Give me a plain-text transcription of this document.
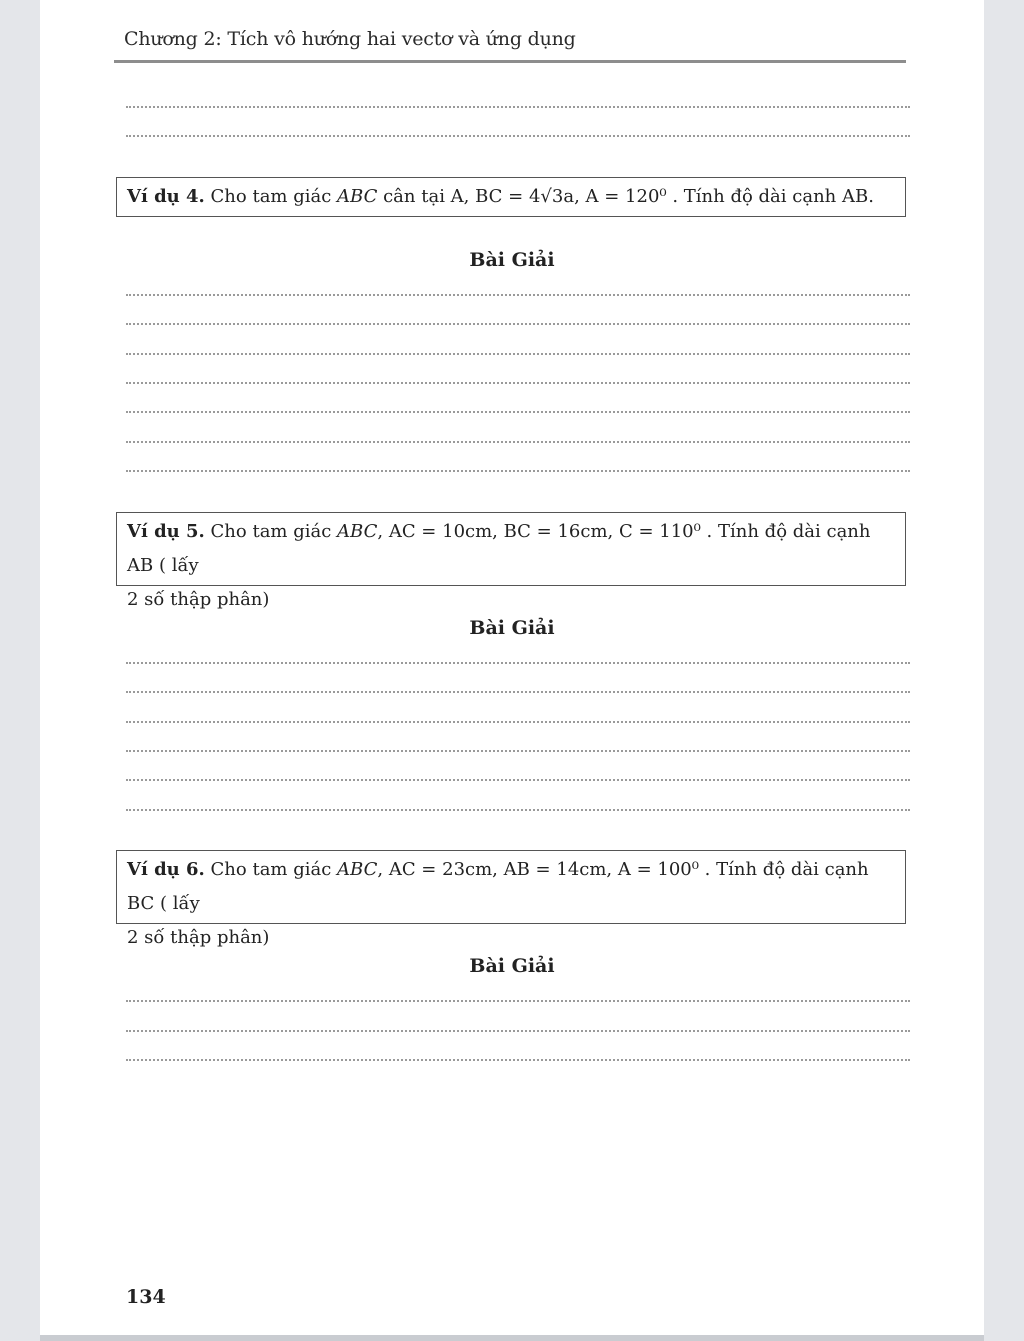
Chương 2: Tích vô hướng hai vectơ và ứng dụng
Ví dụ 4. Cho tam giác ABC cân tại A, BC = 4√3a, A = 120⁰ . Tính độ dài cạnh AB.
Bài Giải
Ví dụ 5. Cho tam giác ABC, AC = 10cm, BC = 16cm, C = 110⁰ . Tính độ dài cạnh AB ( lấy
2 số thập phân)
Bài Giải
Ví dụ 6. Cho tam giác ABC, AC = 23cm, AB = 14cm, A = 100⁰ . Tính độ dài cạnh BC ( lấy
2 số thập phân)
Bài Giải
134
